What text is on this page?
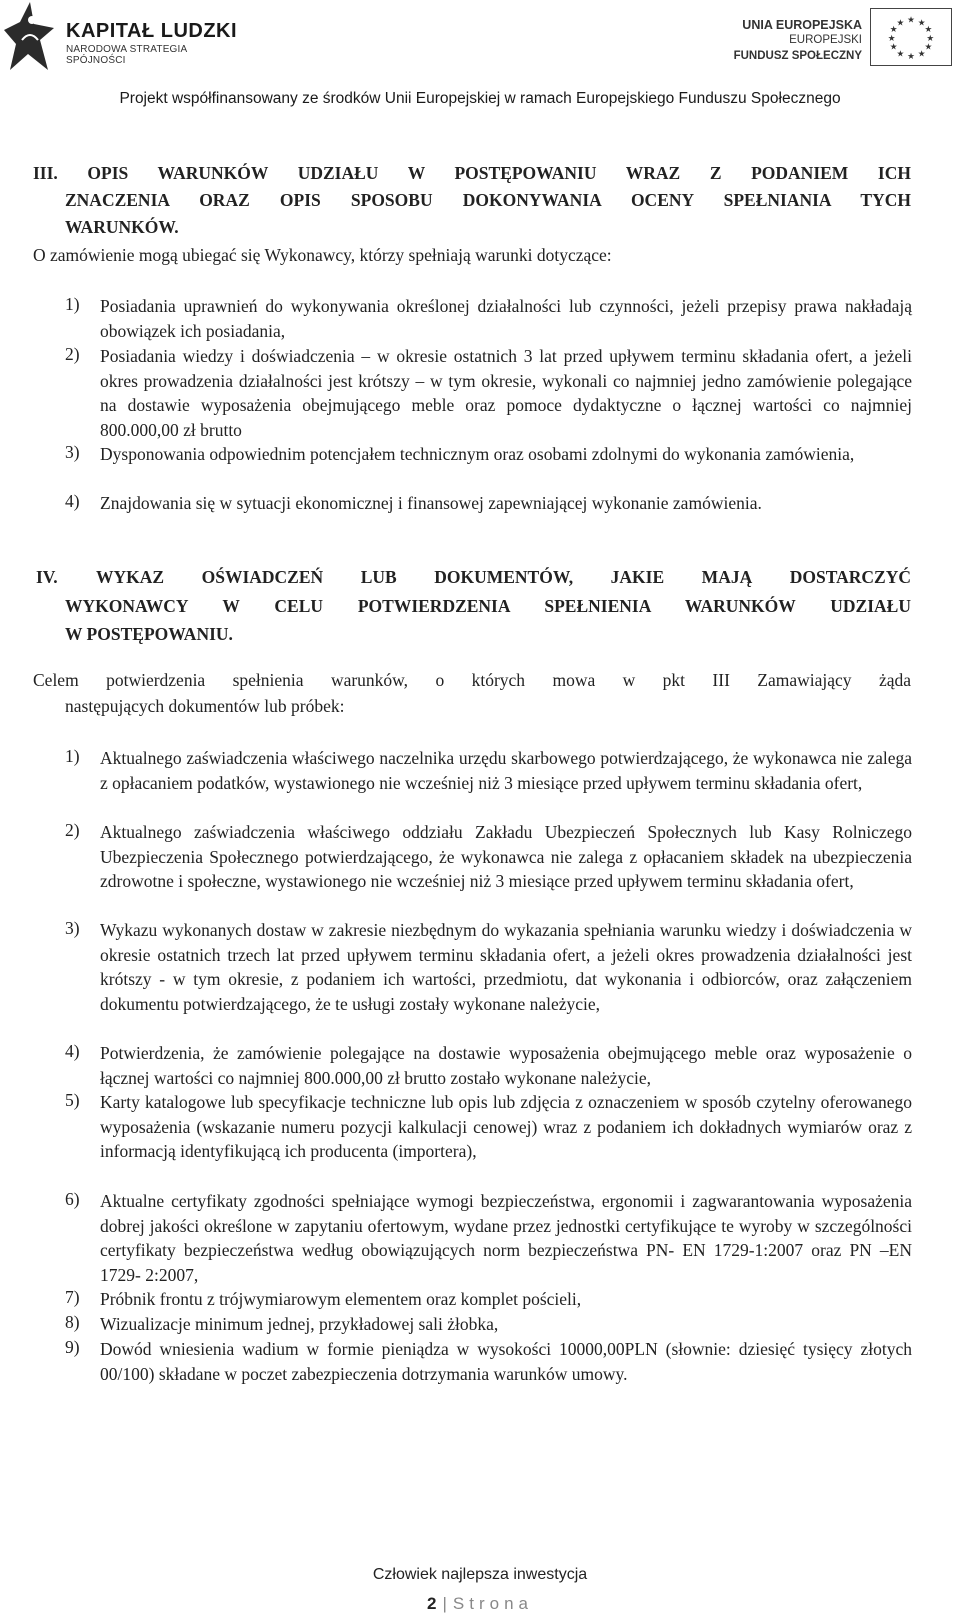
KAPITAŁ LUDZKI
NARODOWA STRATEGIA SPÓJNOŚCI
UNIA EUROPEJSKA
EUROPEJSKI
FUNDUSZ SPOŁECZNY
★ ★
★
★
★
★
★
★
★
★
★
★
Projekt współfinansowany ze środków Unii Europejskiej w ramach Europejskiego Funduszu Społecznego
III. OPIS WARUNKÓW UDZIAŁU W POSTĘPOWANIU WRAZ Z PODANIEM ICH
ZNACZENIA ORAZ OPIS SPOSOBU DOKONYWANIA OCENY SPEŁNIANIA TYCH
WARUNKÓW.
O zamówienie mogą ubiegać się Wykonawcy, którzy spełniają warunki dotyczące:
1) Posiadania uprawnień do wykonywania określonej działalności lub czynności, jeżeli przepisy prawa nakładają obowiązek ich posiadania,
2) Posiadania wiedzy i doświadczenia – w okresie ostatnich 3 lat przed upływem terminu składania ofert, a jeżeli okres prowadzenia działalności jest krótszy – w tym okresie, wykonali co najmniej jedno zamówienie polegające na dostawie wyposażenia obejmującego meble oraz pomoce dydaktyczne o łącznej wartości co najmniej 800.000,00 zł brutto
3) Dysponowania odpowiednim potencjałem technicznym oraz osobami zdolnymi do wykonania zamówienia,
4) Znajdowania się w sytuacji ekonomicznej i finansowej zapewniającej wykonanie zamówienia.
IV. WYKAZ OŚWIADCZEŃ LUB DOKUMENTÓW, JAKIE MAJĄ DOSTARCZYĆ
WYKONAWCY W CELU POTWIERDZENIA SPEŁNIENIA WARUNKÓW UDZIAŁU
W POSTĘPOWANIU.
Celem potwierdzenia spełnienia warunków, o których mowa w pkt III Zamawiający żąda
następujących dokumentów lub próbek:
1) Aktualnego zaświadczenia właściwego naczelnika urzędu skarbowego potwierdzającego, że wykonawca nie zalega z opłacaniem podatków, wystawionego nie wcześniej niż 3 miesiące przed upływem terminu składania ofert,
2) Aktualnego zaświadczenia właściwego oddziału Zakładu Ubezpieczeń Społecznych lub Kasy Rolniczego Ubezpieczenia Społecznego potwierdzającego, że wykonawca nie zalega z opłacaniem składek na ubezpieczenia zdrowotne i społeczne, wystawionego nie wcześniej niż 3 miesiące przed upływem terminu składania ofert,
3) Wykazu wykonanych dostaw w zakresie niezbędnym do wykazania spełniania warunku wiedzy i doświadczenia w okresie ostatnich trzech lat przed upływem terminu składania ofert, a jeżeli okres prowadzenia działalności jest krótszy - w tym okresie, z podaniem ich wartości, przedmiotu, dat wykonania i odbiorców, oraz załączeniem dokumentu potwierdzającego, że te usługi zostały wykonane należycie,
4) Potwierdzenia, że zamówienie polegające na dostawie wyposażenia obejmującego meble oraz wyposażenie o łącznej wartości co najmniej 800.000,00 zł brutto zostało wykonane należycie,
5) Karty katalogowe lub specyfikacje techniczne lub opis lub zdjęcia z oznaczeniem w sposób czytelny oferowanego wyposażenia (wskazanie numeru pozycji kalkulacji cenowej) wraz z podaniem ich dokładnych wymiarów oraz z informacją identyfikującą ich producenta (importera),
6) Aktualne certyfikaty zgodności spełniające wymogi bezpieczeństwa, ergonomii i zagwarantowania wyposażenia dobrej jakości określone w zapytaniu ofertowym, wydane przez jednostki certyfikujące te wyroby w szczególności certyfikaty bezpieczeństwa według obowiązujących norm bezpieczeństwa PN- EN 1729-1:2007 oraz PN –EN 1729- 2:2007,
7) Próbnik frontu z trójwymiarowym elementem oraz komplet pościeli,
8) Wizualizacje minimum jednej, przykładowej sali żłobka,
9) Dowód wniesienia wadium w formie pieniądza w wysokości 10000,00PLN (słownie: dziesięć tysięcy złotych 00/100) składane w poczet zabezpieczenia dotrzymania warunków umowy.
Człowiek najlepsza inwestycja
2 | Strona
